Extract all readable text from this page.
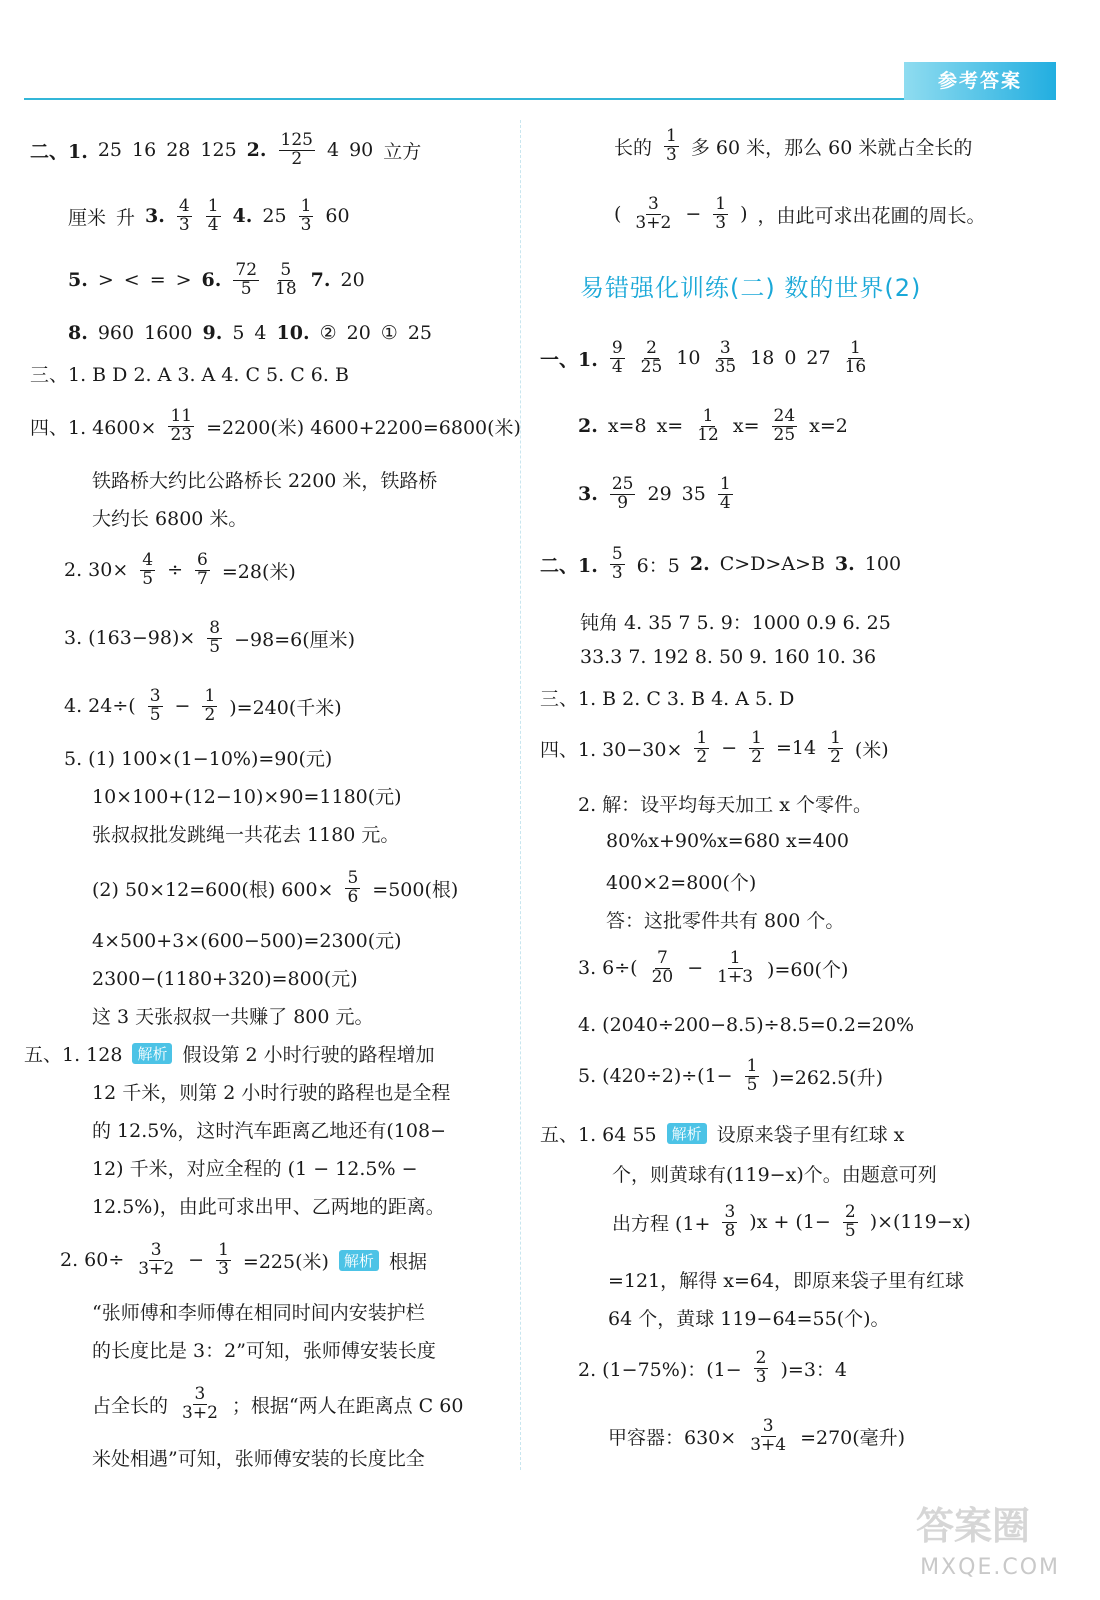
参考答案
二、1. 25 16 28 125 2. $\frac{125}{2} 4$ 90 立方
厘米 升 3. $\frac{4}{3} \frac{1}{4} 4$. $25 \frac{1}{3} 60$
5. > < = > 6. $\frac{72}{5} \frac{5}{18} 7$. 20
8. 960 1600 9. 5 4 10. ② 20 ① 25
三、1. B D 2. A 3. A 4. C 5. C 6. B
四、1. $4600\times \frac{11}{23} =2200$(米) 4600+2200=6800(米)
铁路桥大约比公路桥长 2200 米，铁路桥
大约长 6800 米。
2. $30\times \frac{4}{5} \div \frac{6}{7} =28$(米)
3. $(163-98)\times \frac{8}{5} -98=6$(厘米)
4. $24\div( \frac{3}{5} - \frac{1}{2} )=240$(千米)
5. (1) 100×(1−10%)=90(元)
10×100+(12−10)×90=1180(元)
张叔叔批发跳绳一共花去 1180 元。
(2) 50×12=600(根) $600\times \frac{5}{6} =500$(根)
4×500+3×(600−500)=2300(元)
2300−(1180+320)=800(元)
这 3 天张叔叔一共赚了 800 元。
五、1. 128	解析 假设第 2 小时行驶的路程增加
12 千米，则第 2 小时行驶的路程也是全程
的 12.5%，这时汽车距离乙地还有(108−
12) 千米，对应全程的 (1 − 12.5% −
12.5%)，由此可求出甲、乙两地的距离。
2. $60\div \frac{3}{3+2} - \frac{1}{3} =225$(米)	解析 根据
“张师傅和李师傅在相同时间内安装护栏
的长度比是 3：2”可知，张师傅安装长度
占全长的 $\frac{3}{3+2}$ ；根据“两人在距离点 C 60
米处相遇”可知，张师傅安装的长度比全
长的 $\frac{1}{3}$ 多 60 米，那么 60 米就占全长的
( $\frac{3}{3+2} - \frac{1}{3}$ ) ，由此可求出花圃的周长。
一、1. $\frac{9}{4} \frac{2}{25} 10 \frac{3}{35} 18$ 0 $27 \frac{1}{16}$
2. x=8 $x= \frac{1}{12} x= \frac{24}{25} x=2$
3. $\frac{25}{9} 29$ $35 \frac{1}{4}$
二、1. $\frac{5}{3} 6$：5 2. C>D>A>B 3. 100
钝角 4. 35 7 5. 9：1000 0.9 6. 25
33.3 7. 192 8. 50 9. 160 10. 36
三、1. B 2. C 3. B 4. A 5. D
四、1. $30-30\times \frac{1}{2} - \frac{1}{2} =14 \frac{1}{2}$ (米)
2. 解：设平均每天加工 x 个零件。
80%x+90%x=680 x=400
400×2=800(个)
答：这批零件共有 800 个。
3. $6\div( \frac{7}{20} - \frac{1}{1+3} )=60$(个)
4. (2040÷200−8.5)÷8.5=0.2=20%
5. $(420\div 2)\div(1- \frac{1}{5} )=262.5$(升)
五、1. 64 55	解析 设原来袋子里有红球 x
个，则黄球有(119−x)个。由题意可列
出方程 $(1+ \frac{3}{8} )x + (1- \frac{2}{5} )\times(119-x)$
=121，解得 x=64，即原来袋子里有红球
64 个，黄球 119−64=55(个)。
2. (1−75%)：$(1- \frac{2}{3} )=3$：4
甲容器：$630\times \frac{3}{3+4} =270$(毫升)
易错强化训练(二) 数的世界(2)
答案圈
MXQE.COM
